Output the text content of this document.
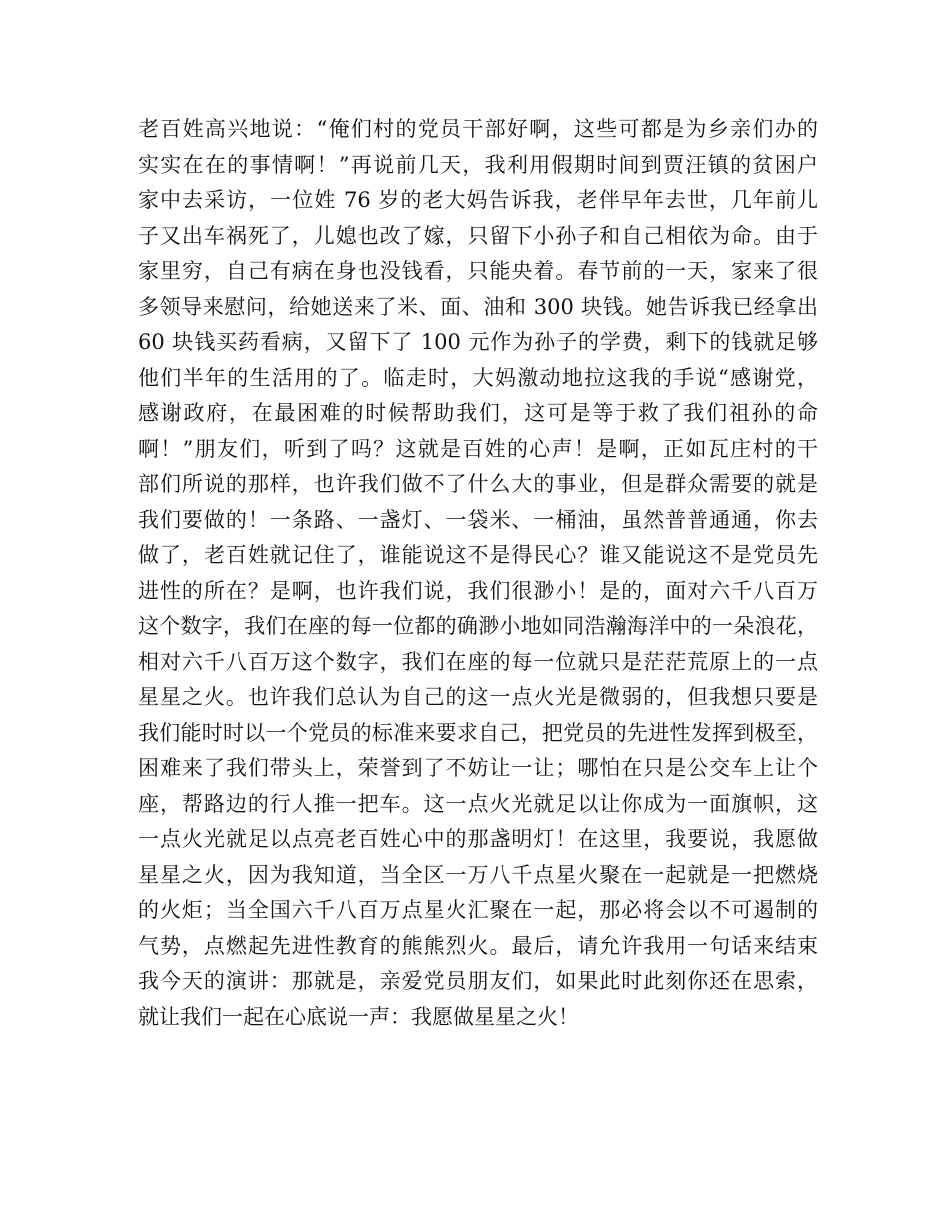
老百姓高兴地说：“俺们村的党员干部好啊，这些可都是为乡亲们办的
实实在在的事情啊！”再说前几天，我利用假期时间到贾汪镇的贫困户
家中去采访，一位姓 76 岁的老大妈告诉我，老伴早年去世，几年前儿
子又出车祸死了，儿媳也改了嫁，只留下小孙子和自己相依为命。由于
家里穷，自己有病在身也没钱看，只能央着。春节前的一天，家来了很
多领导来慰问，给她送来了米、面、油和 300 块钱。她告诉我已经拿出
60 块钱买药看病，又留下了 100 元作为孙子的学费，剩下的钱就足够
他们半年的生活用的了。临走时，大妈激动地拉这我的手说“感谢党，
感谢政府，在最困难的时候帮助我们，这可是等于救了我们祖孙的命
啊！”朋友们，听到了吗？这就是百姓的心声！是啊，正如瓦庄村的干
部们所说的那样，也许我们做不了什么大的事业，但是群众需要的就是
我们要做的！一条路、一盏灯、一袋米、一桶油，虽然普普通通，你去
做了，老百姓就记住了，谁能说这不是得民心？谁又能说这不是党员先
进性的所在？是啊，也许我们说，我们很渺小！是的，面对六千八百万
这个数字，我们在座的每一位都的确渺小地如同浩瀚海洋中的一朵浪花，
相对六千八百万这个数字，我们在座的每一位就只是茫茫荒原上的一点
星星之火。也许我们总认为自己的这一点火光是微弱的，但我想只要是
我们能时时以一个党员的标准来要求自己，把党员的先进性发挥到极至，
困难来了我们带头上，荣誉到了不妨让一让；哪怕在只是公交车上让个
座，帮路边的行人推一把车。这一点火光就足以让你成为一面旗帜，这
一点火光就足以点亮老百姓心中的那盏明灯！在这里，我要说，我愿做
星星之火，因为我知道，当全区一万八千点星火聚在一起就是一把燃烧
的火炬；当全国六千八百万点星火汇聚在一起，那必将会以不可遏制的
气势，点燃起先进性教育的熊熊烈火。最后，请允许我用一句话来结束
我今天的演讲：那就是，亲爱党员朋友们，如果此时此刻你还在思索，
就让我们一起在心底说一声：我愿做星星之火！
